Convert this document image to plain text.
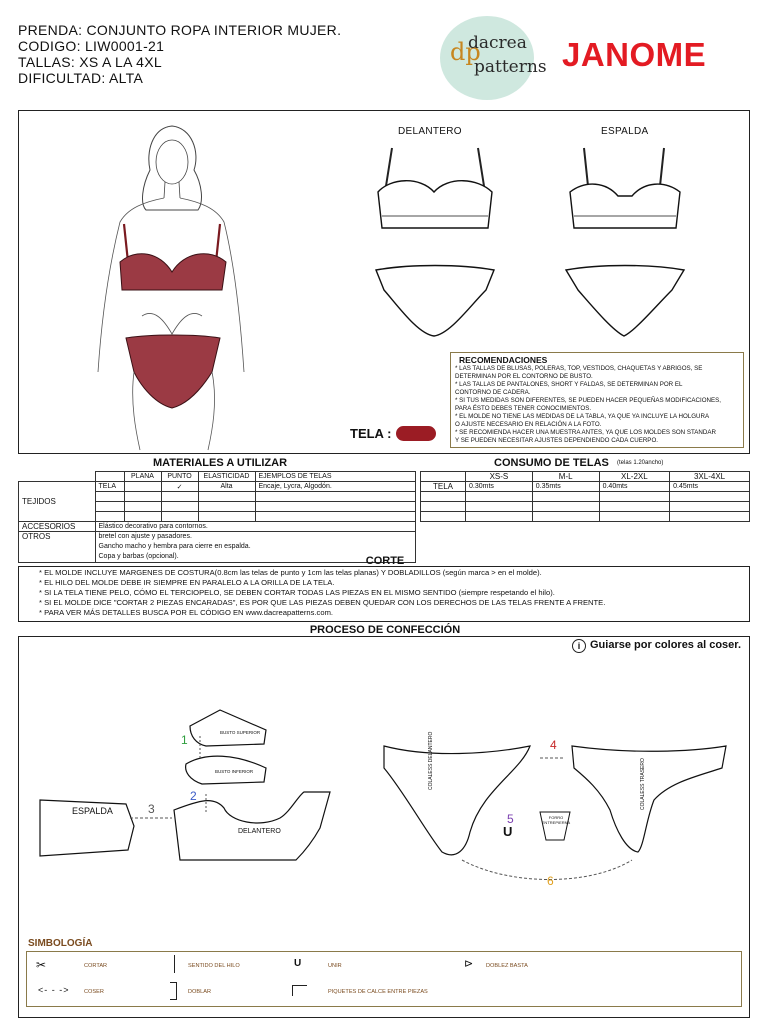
PRENDA: CONJUNTO ROPA INTERIOR MUJER.
CODIGO: LIW0001-21
TALLAS: XS A LA 4XL
DIFICULTAD: ALTA
dp
dacrea
patterns JANOME
DELANTERO	ESPALDA
RECOMENDACIONES
* LAS TALLAS DE BLUSAS, POLERAS, TOP, VESTIDOS, CHAQUETAS Y ABRIGOS, SE
DETERMINAN POR EL CONTORNO DE BUSTO.
* LAS TALLAS DE PANTALONES, SHORT Y FALDAS, SE DETERMINAN POR EL
CONTORNO DE CADERA.
* SI TUS MEDIDAS SON DIFERENTES, SE PUEDEN HACER PEQUEÑAS MODIFICACIONES,
PARA ÉSTO DEBES TENER CONOCIMIENTOS.
* EL MOLDE NO TIENE LAS MEDIDAS DE LA TABLA, YA QUE YA INCLUYE LA HOLGURA
O AJUSTE NECESARIO EN RELACIÓN A LA FOTO.
* SE RECOMIENDA HACER UNA MUESTRA ANTES, YA QUE LOS MOLDES SON STANDAR
Y SE PUEDEN NECESITAR AJUSTES DEPENDIENDO CADA CUERPO.
TELA :
MATERIALES A UTILIZAR
		PLANA	PUNTO	ELASTICIDAD	EJEMPLOS DE TELAS
TEJIDOS	TELA		✓	Alta	Encaje, Lycra, Algodón.

ACCESORIOS	Elástico decorativo para contornos.				
OTROS	bretel con ajuste y pasadores.
Gancho macho y hembra para cierre en espalda.
Copa y barbas (opcional).				
CONSUMO DE TELAS (telas 1.20ancho)
	XS-S	M-L	XL-2XL	3XL-4XL
TELA	0.30mts	0.35mts	0.40mts	0.45mts

CORTE
* EL MOLDE INCLUYE MARGENES DE COSTURA(0.8cm las telas de punto y 1cm las telas planas) Y DOBLADILLOS (según marca > en el molde).
* EL HILO DEL MOLDE DEBE IR SIEMPRE EN PARALELO A LA ORILLA DE LA TELA.
* SI LA TELA TIENE PELO, CÓMO EL TERCIOPELO, SE DEBEN CORTAR TODAS LAS PIEZAS EN EL MISMO SENTIDO (siempre respetando el hilo).
* SI EL MOLDE DICE "CORTAR 2 PIEZAS ENCARADAS", ES POR QUE LAS PIEZAS DEBEN QUEDAR CON LOS DERECHOS DE LAS TELAS FRENTE A FRENTE.
* PARA VER MÁS DETALLES BUSCA POR EL CÓDIGO EN www.dacreapatterns.com.
PROCESO DE CONFECCIÓN
i Guiarse por colores al coser.
BUSTO SUPERIOR
BUSTO INFERIOR
ESPALDA
DELANTERO
COLALESS DELANTERO	COLALESS TRASERO
FORRO ENTREPIERNA
1
2
3
4
5
6
U
SIMBOLOGÍA
✂	CORTAR	SENTIDO DEL HILO	U	UNIR	⊳ DOBLEZ BASTA
<- - ->	COSER	DOBLAR	PIQUETES DE CALCE ENTRE PIEZAS
